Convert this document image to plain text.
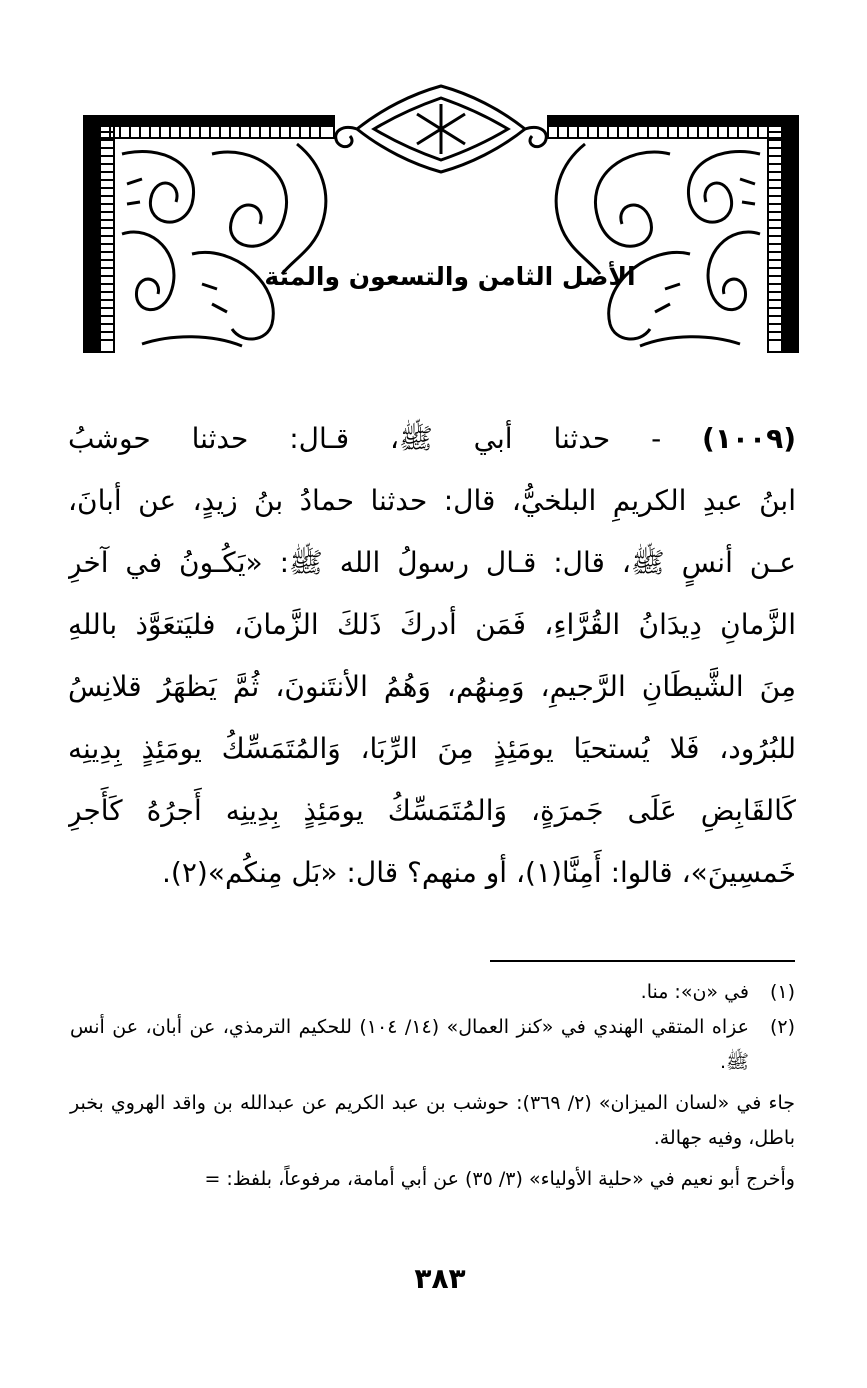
الأصل الثامن والتسعون والمئة
(١٠٠٩) - حدثنا أبي ﷺ، قـال: حدثنا حوشبُ
ابنُ عبدِ الكريمِ البلخيُّ، قال: حدثنا حمادُ بنُ زيدٍ، عن أبانَ،
عـن أنسٍ ﷺ، قال: قـال رسولُ الله ﷺ: «يَكُـونُ في آخرِ
الزَّمانِ دِيدَانُ القُرَّاءِ، فَمَن أدركَ ذَلكَ الزَّمانَ، فليَتعَوَّذ باللهِ
مِنَ الشَّيطَانِ الرَّجيمِ، وَمِنهُم، وَهُمُ الأنتَنونَ، ثُمَّ يَظهَرُ قلانِسُ
للبُرُود، فَلا يُستحيَا يومَئِذٍ مِنَ الرِّبَا، وَالمُتَمَسِّكُ يومَئِذٍ بِدِينِه
كَالقَابِضِ عَلَى جَمرَةٍ، وَالمُتَمَسِّكُ يومَئِذٍ بِدِينِه أَجرُهُ كَأَجرِ
خَمسِينَ»، قالوا: أَمِنَّا(١)، أو منهم؟ قال: «بَل مِنكُم»(٢).
(١)
في «ن»: منا.
(٢)
عزاه المتقي الهندي في «كنز العمال» (١٤/ ١٠٤) للحكيم الترمذي، عن أبان، عن أنس ﷺ.
جاء في «لسان الميزان» (٢/ ٣٦٩): حوشب بن عبد الكريم عن عبدالله بن واقد الهروي بخبر باطل، وفيه جهالة.
وأخرج أبو نعيم في «حلية الأولياء» (٣/ ٣٥) عن أبي أمامة، مرفوعاً، بلفظ: =
٣٨٣
